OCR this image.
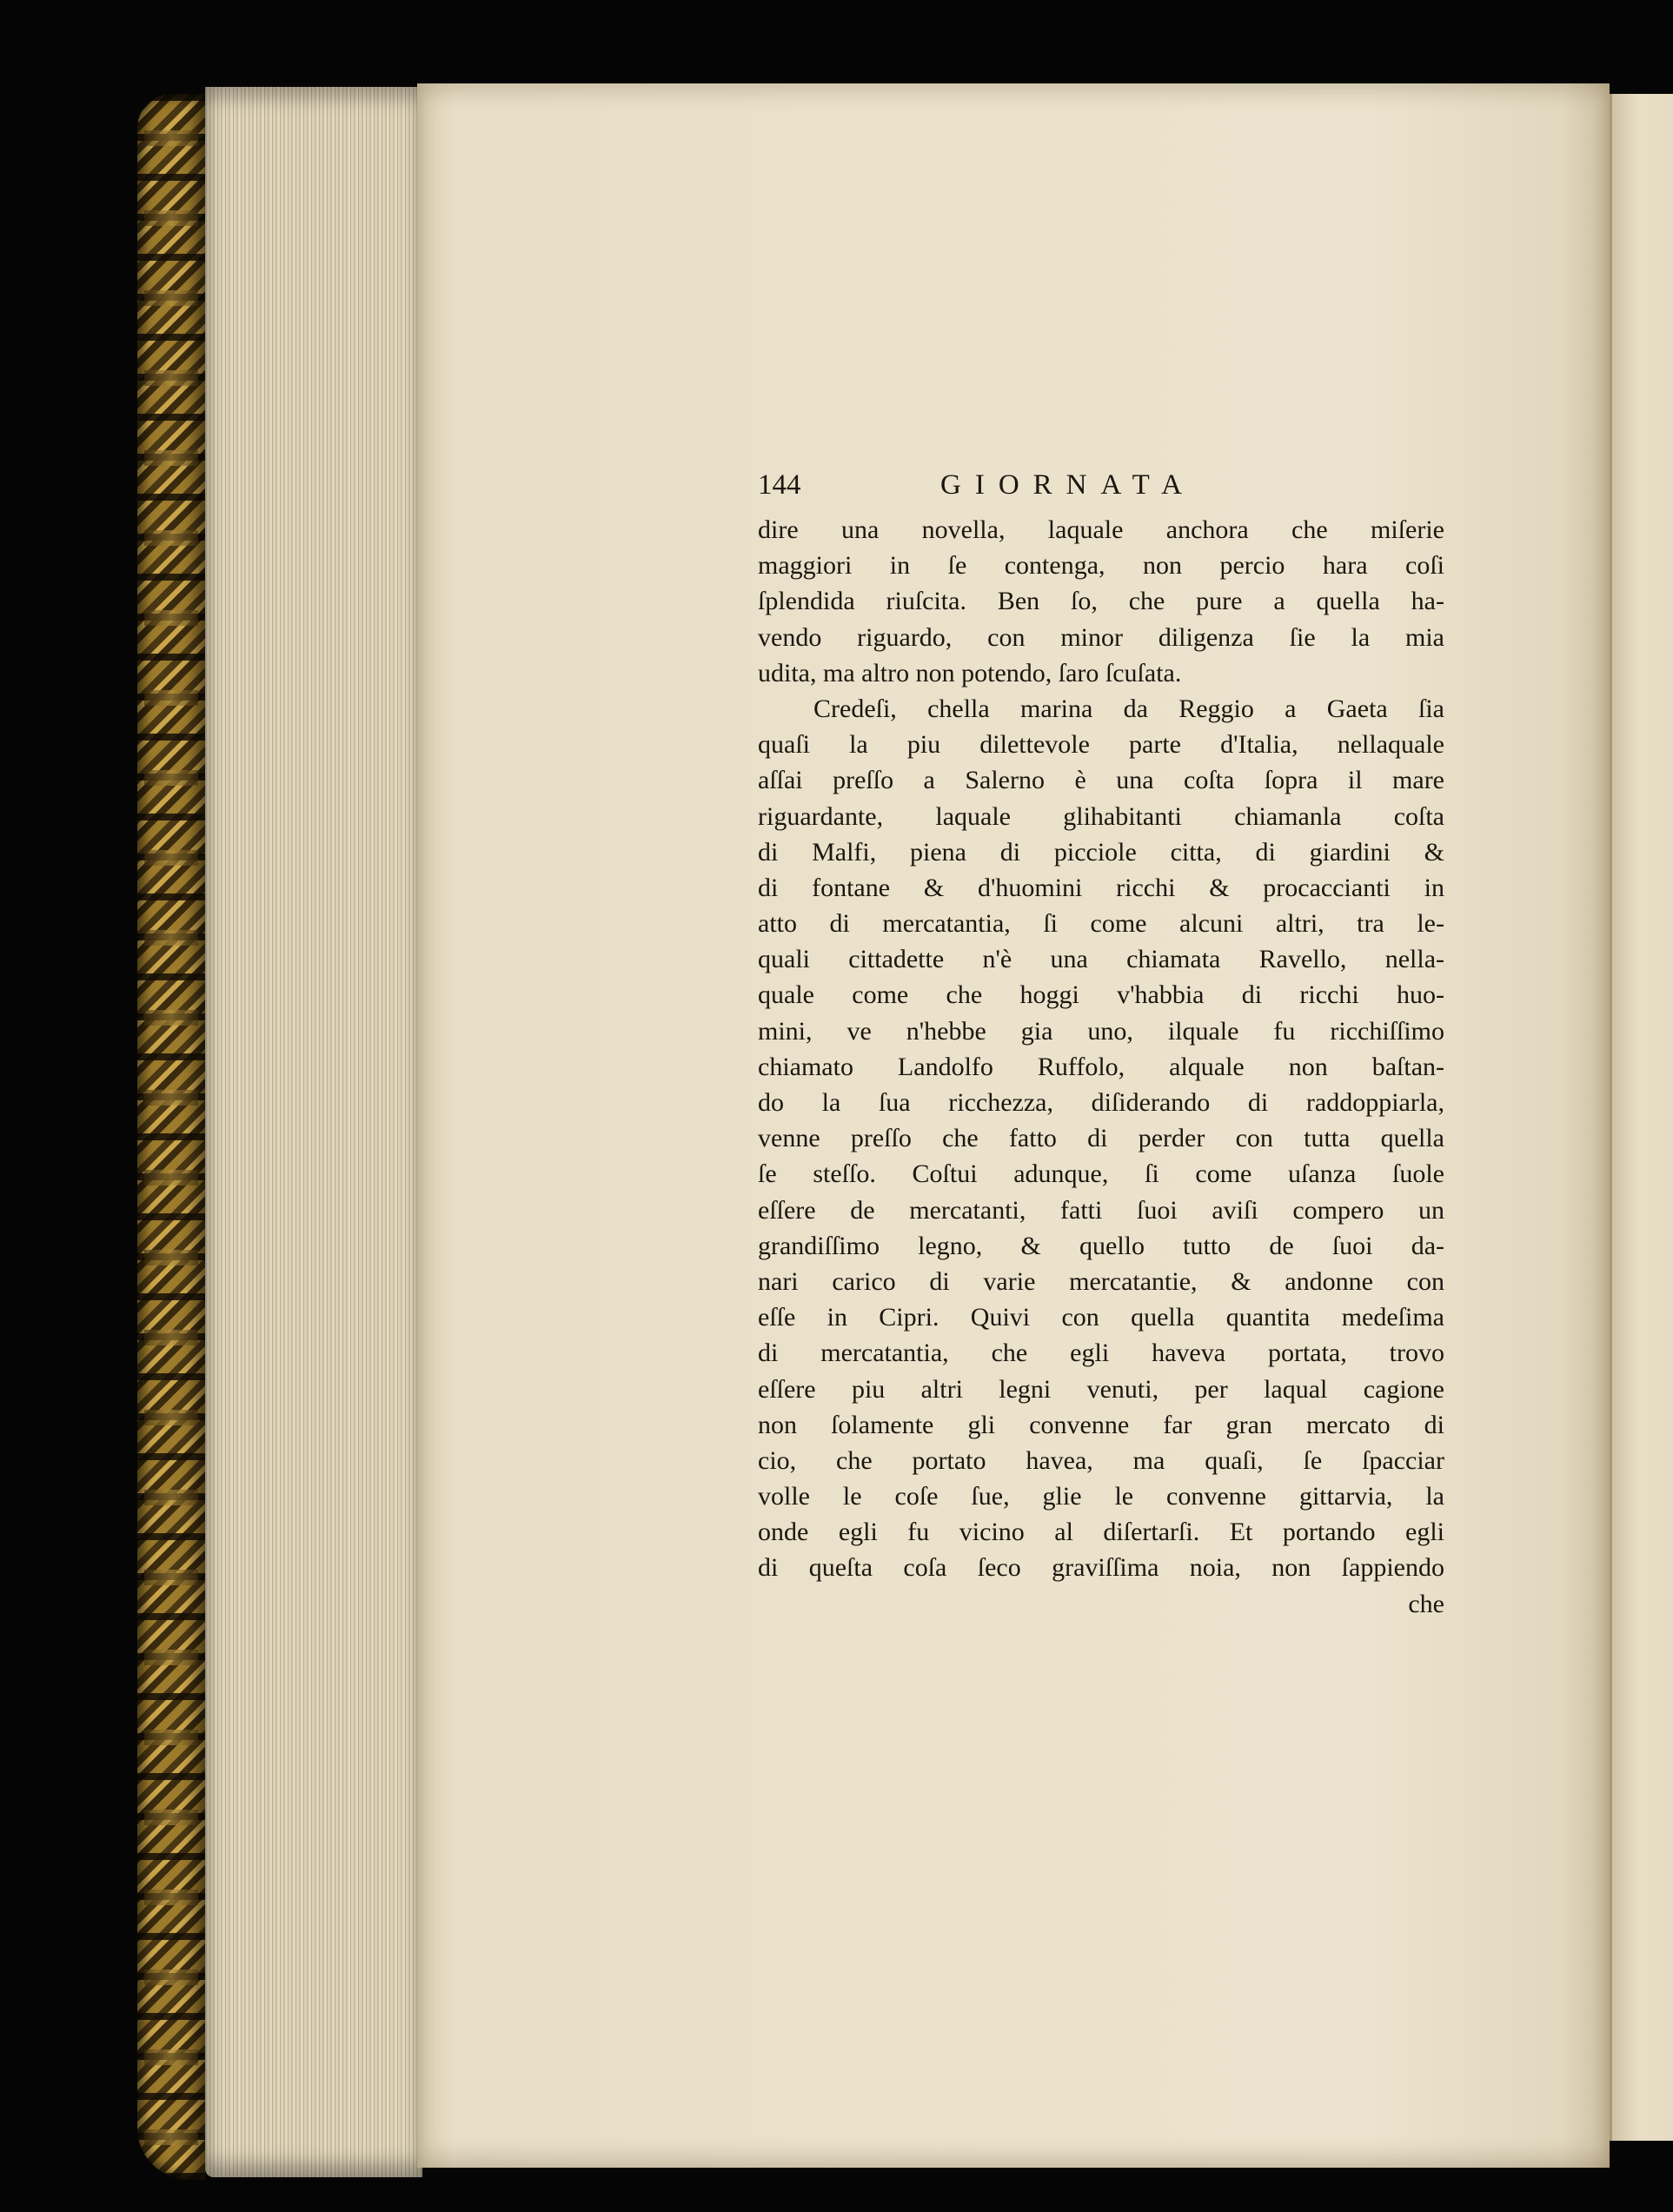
144	GIORNATA
dire una novella, laquale anchora che miſerie
maggiori in ſe contenga, non percio hara coſi
ſplendida riuſcita. Ben ſo, che pure a quella ha-
vendo riguardo, con minor diligenza ſie la mia
udita, ma altro non potendo, ſaro ſcuſata.
Credeſi, chella marina da Reggio a Gaeta ſia
quaſi la piu dilettevole parte d'Italia, nellaquale
aſſai preſſo a Salerno è una coſta ſopra il mare
riguardante, laquale glihabitanti chiamanla coſta
di Malfi, piena di picciole citta, di giardini &
di fontane & d'huomini ricchi & procaccianti in
atto di mercatantia, ſi come alcuni altri, tra le-
quali cittadette n'è una chiamata Ravello, nella-
quale come che hoggi v'habbia di ricchi huo-
mini, ve n'hebbe gia uno, ilquale fu ricchiſſimo
chiamato Landolfo Ruffolo, alquale non baſtan-
do la ſua ricchezza, diſiderando di raddoppiarla,
venne preſſo che fatto di perder con tutta quella
ſe steſſo. Coſtui adunque, ſi come uſanza ſuole
eſſere de mercatanti, fatti ſuoi aviſi compero un
grandiſſimo legno, & quello tutto de ſuoi da-
nari carico di varie mercatantie, & andonne con
eſſe in Cipri. Quivi con quella quantita medeſima
di mercatantia, che egli haveva portata, trovo
eſſere piu altri legni venuti, per laqual cagione
non ſolamente gli convenne far gran mercato di
cio, che portato havea, ma quaſi, ſe ſpacciar
volle le coſe ſue, glie le convenne gittarvia, la
onde egli fu vicino al diſertarſi. Et portando egli
di queſta coſa ſeco graviſſima noia, non ſappiendo
che
